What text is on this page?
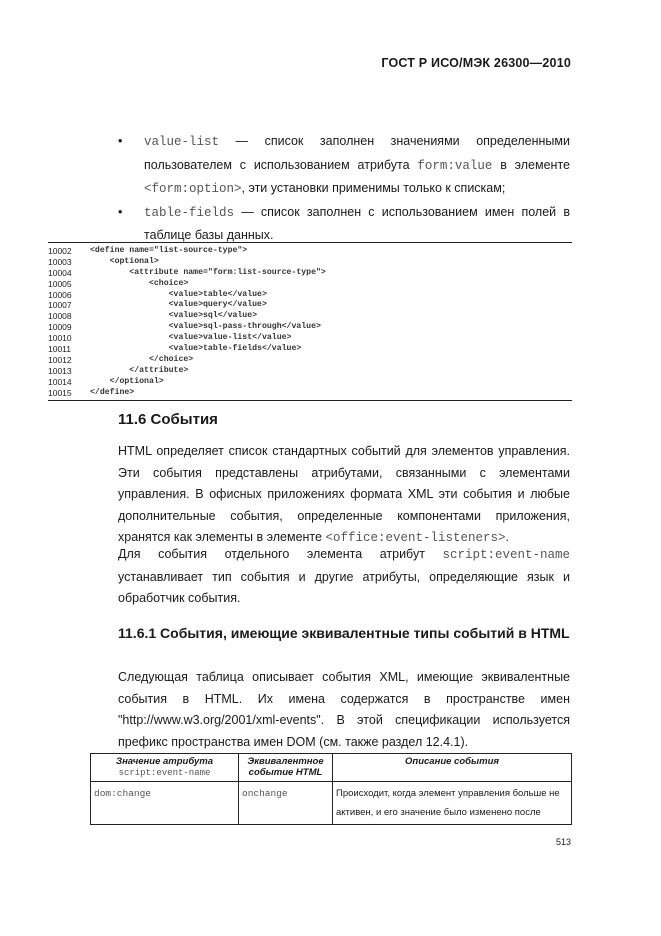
ГОСТ Р ИСО/МЭК 26300—2010
• value-list — список заполнен значениями определенными пользователем с использованием атрибута form:value в элементе <form:option>, эти установки применимы только к спискам;
• table-fields — список заполнен с использованием имен полей в таблице базы данных.
10002	<define name="list-source-type">
10003	<optional>
10004	<attribute name="form:list-source-type">
10005	<choice>
10006	<value>table</value>
10007	<value>query</value>
10008	<value>sql</value>
10009	<value>sql-pass-through</value>
10010	<value>value-list</value>
10011	<value>table-fields</value>
10012	</choice>
10013	</attribute>
10014	</optional>
10015	</define>
11.6 События
HTML определяет список стандартных событий для элементов управления. Эти события представлены атрибутами, связанными с элементами управления. В офисных приложениях формата XML эти события и любые дополнительные события, определенные компонентами приложения, хранятся как элементы в элементе <office:event-listeners>.
Для события отдельного элемента атрибут script:event-name устанавливает тип события и другие атрибуты, определяющие язык и обработчик события.
11.6.1 События, имеющие эквивалентные типы событий в HTML
Следующая таблица описывает события XML, имеющие эквивалентные события в HTML. Их имена содержатся в пространстве имен "http://www.w3.org/2001/xml-events". В этой спецификации используется префикс пространства имен DOM (см. также раздел 12.4.1).
Значение атрибута
script:event-name	Эквивалентное событие HTML	Описание события
dom:change	onchange	Происходит, когда элемент управления больше не активен, и его значение было изменено после
513
